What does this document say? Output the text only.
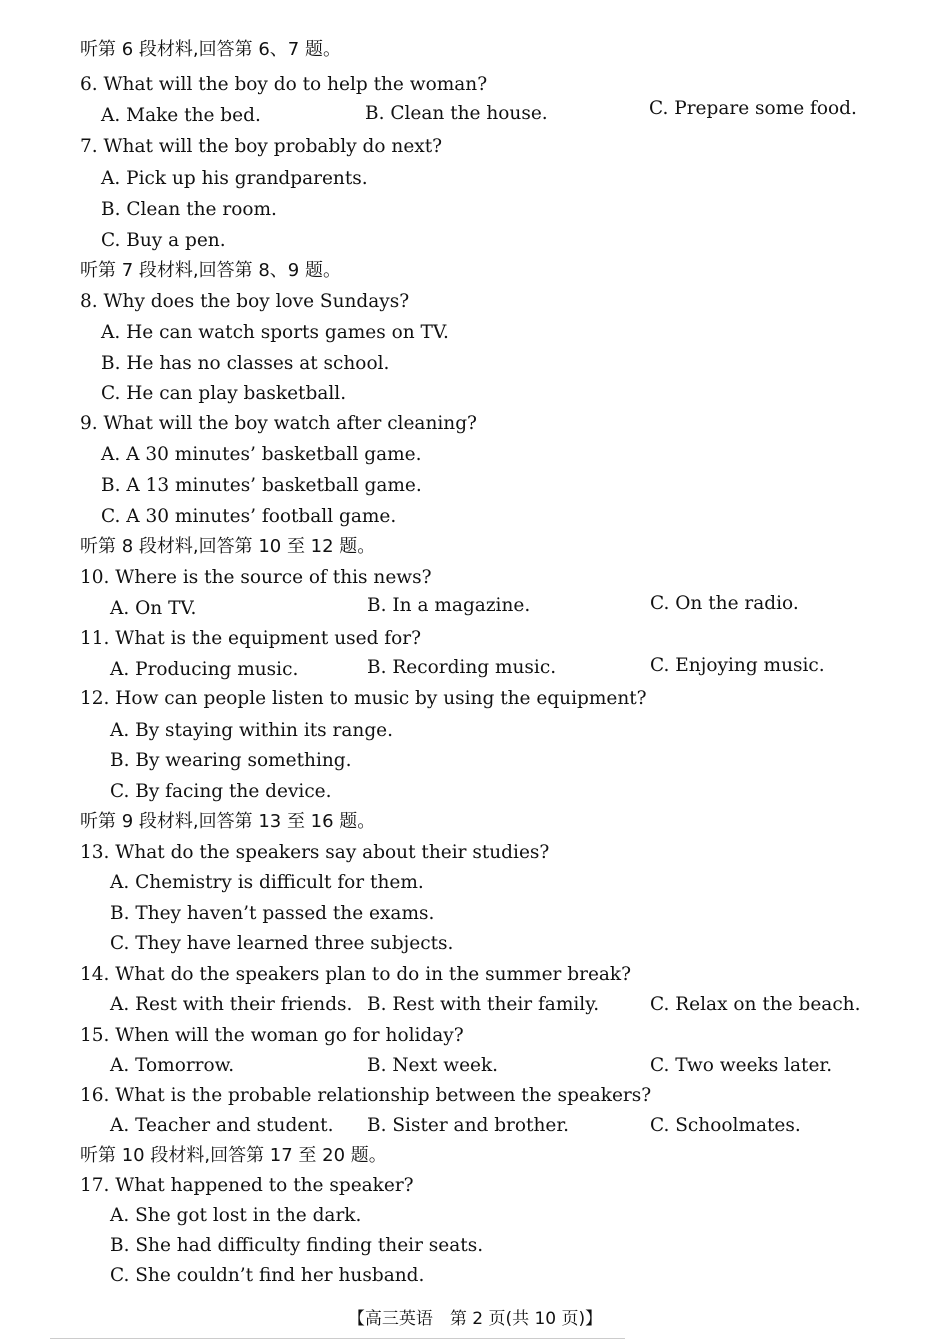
听第 6 段材料,回答第 6、7 题。
6. What will the boy do to help the woman?
A. Make the bed.	B. Clean the house.	C. Prepare some food.
7. What will the boy probably do next?
A. Pick up his grandparents.
B. Clean the room.
C. Buy a pen.
听第 7 段材料,回答第 8、9 题。
8. Why does the boy love Sundays?
A. He can watch sports games on TV.
B. He has no classes at school.
C. He can play basketball.
9. What will the boy watch after cleaning?
A. A 30 minutes’ basketball game.
B. A 13 minutes’ basketball game.
C. A 30 minutes’ football game.
听第 8 段材料,回答第 10 至 12 题。
10. Where is the source of this news?
A. On TV.	B. In a magazine.	C. On the radio.
11. What is the equipment used for?
A. Producing music.	B. Recording music.	C. Enjoying music.
12. How can people listen to music by using the equipment?
A. By staying within its range.
B. By wearing something.
C. By facing the device.
听第 9 段材料,回答第 13 至 16 题。
13. What do the speakers say about their studies?
A. Chemistry is difficult for them.
B. They haven’t passed the exams.
C. They have learned three subjects.
14. What do the speakers plan to do in the summer break?
A. Rest with their friends. B. Rest with their family.	C. Relax on the beach.
15. When will the woman go for holiday?
A. Tomorrow.	B. Next week.	C. Two weeks later.
16. What is the probable relationship between the speakers?
A. Teacher and student. B. Sister and brother.	C. Schoolmates.
听第 10 段材料,回答第 17 至 20 题。
17. What happened to the speaker?
A. She got lost in the dark.
B. She had difficulty finding their seats.
C. She couldn’t find her husband.
【高三英语　第 2 页(共 10 页)】
